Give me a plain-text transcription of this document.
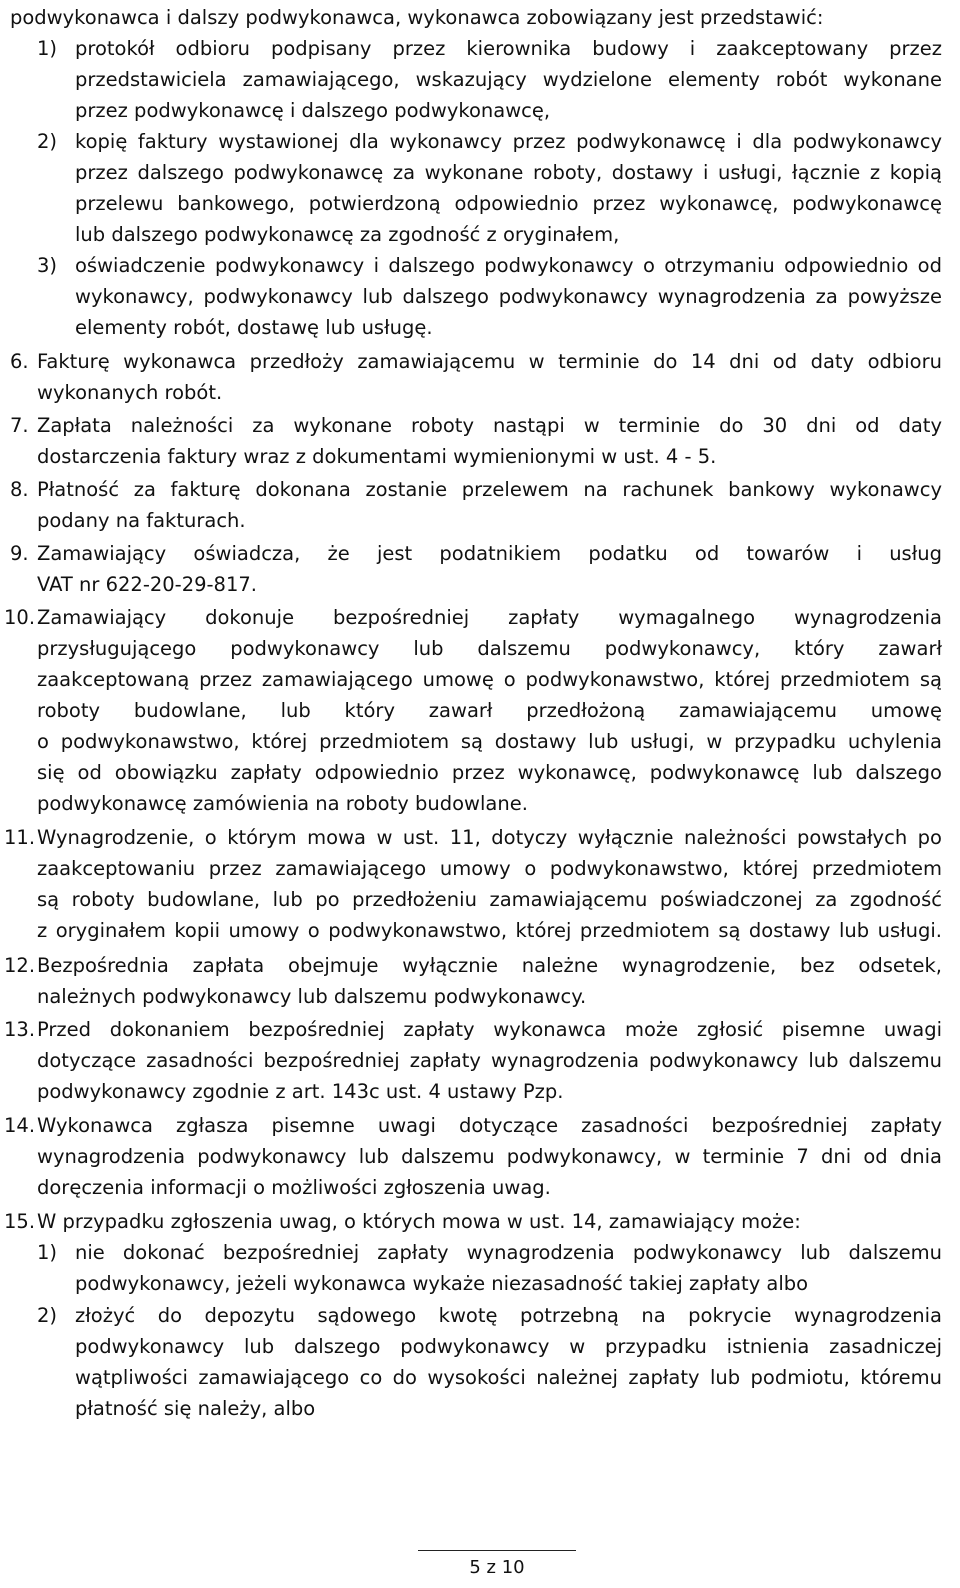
podwykonawca i dalszy podwykonawca, wykonawca zobowiązany jest przedstawić:
1) protokół odbioru podpisany przez kierownika budowy i zaakceptowany przez
przedstawiciela zamawiającego, wskazujący wydzielone elementy robót wykonane
przez podwykonawcę i dalszego podwykonawcę,
2) kopię faktury wystawionej dla wykonawcy przez podwykonawcę i dla podwykonawcy
przez dalszego podwykonawcę za wykonane roboty, dostawy i usługi, łącznie z kopią
przelewu bankowego, potwierdzoną odpowiednio przez wykonawcę, podwykonawcę
lub dalszego podwykonawcę za zgodność z oryginałem,
3) oświadczenie podwykonawcy i dalszego podwykonawcy o otrzymaniu odpowiednio od
wykonawcy, podwykonawcy lub dalszego podwykonawcy wynagrodzenia za powyższe
elementy robót, dostawę lub usługę.
6. Fakturę wykonawca przedłoży zamawiającemu w terminie do 14 dni od daty odbioru
wykonanych robót.
7. Zapłata należności za wykonane roboty nastąpi w terminie do 30 dni od daty
dostarczenia faktury wraz z dokumentami wymienionymi w ust. 4 - 5.
8. Płatność za fakturę dokonana zostanie przelewem na rachunek bankowy wykonawcy
podany na fakturach.
9. Zamawiający oświadcza, że jest podatnikiem podatku od towarów i usług
VAT nr 622-20-29-817.
10. Zamawiający dokonuje bezpośredniej zapłaty wymagalnego wynagrodzenia
przysługującego podwykonawcy lub dalszemu podwykonawcy, który zawarł
zaakceptowaną przez zamawiającego umowę o podwykonawstwo, której przedmiotem są
roboty budowlane, lub który zawarł przedłożoną zamawiającemu umowę
o podwykonawstwo, której przedmiotem są dostawy lub usługi, w przypadku uchylenia
się od obowiązku zapłaty odpowiednio przez wykonawcę, podwykonawcę lub dalszego
podwykonawcę zamówienia na roboty budowlane.
11. Wynagrodzenie, o którym mowa w ust. 11, dotyczy wyłącznie należności powstałych po
zaakceptowaniu przez zamawiającego umowy o podwykonawstwo, której przedmiotem
są roboty budowlane, lub po przedłożeniu zamawiającemu poświadczonej za zgodność
z oryginałem kopii umowy o podwykonawstwo, której przedmiotem są dostawy lub usługi.
12. Bezpośrednia zapłata obejmuje wyłącznie należne wynagrodzenie, bez odsetek,
należnych podwykonawcy lub dalszemu podwykonawcy.
13. Przed dokonaniem bezpośredniej zapłaty wykonawca może zgłosić pisemne uwagi
dotyczące zasadności bezpośredniej zapłaty wynagrodzenia podwykonawcy lub dalszemu
podwykonawcy zgodnie z art. 143c ust. 4 ustawy Pzp.
14. Wykonawca zgłasza pisemne uwagi dotyczące zasadności bezpośredniej zapłaty
wynagrodzenia podwykonawcy lub dalszemu podwykonawcy, w terminie 7 dni od dnia
doręczenia informacji o możliwości zgłoszenia uwag.
15. W przypadku zgłoszenia uwag, o których mowa w ust. 14, zamawiający może:
1) nie dokonać bezpośredniej zapłaty wynagrodzenia podwykonawcy lub dalszemu
podwykonawcy, jeżeli wykonawca wykaże niezasadność takiej zapłaty albo
2) złożyć do depozytu sądowego kwotę potrzebną na pokrycie wynagrodzenia
podwykonawcy lub dalszego podwykonawcy w przypadku istnienia zasadniczej
wątpliwości zamawiającego co do wysokości należnej zapłaty lub podmiotu, któremu
płatność się należy, albo
5 z 10
